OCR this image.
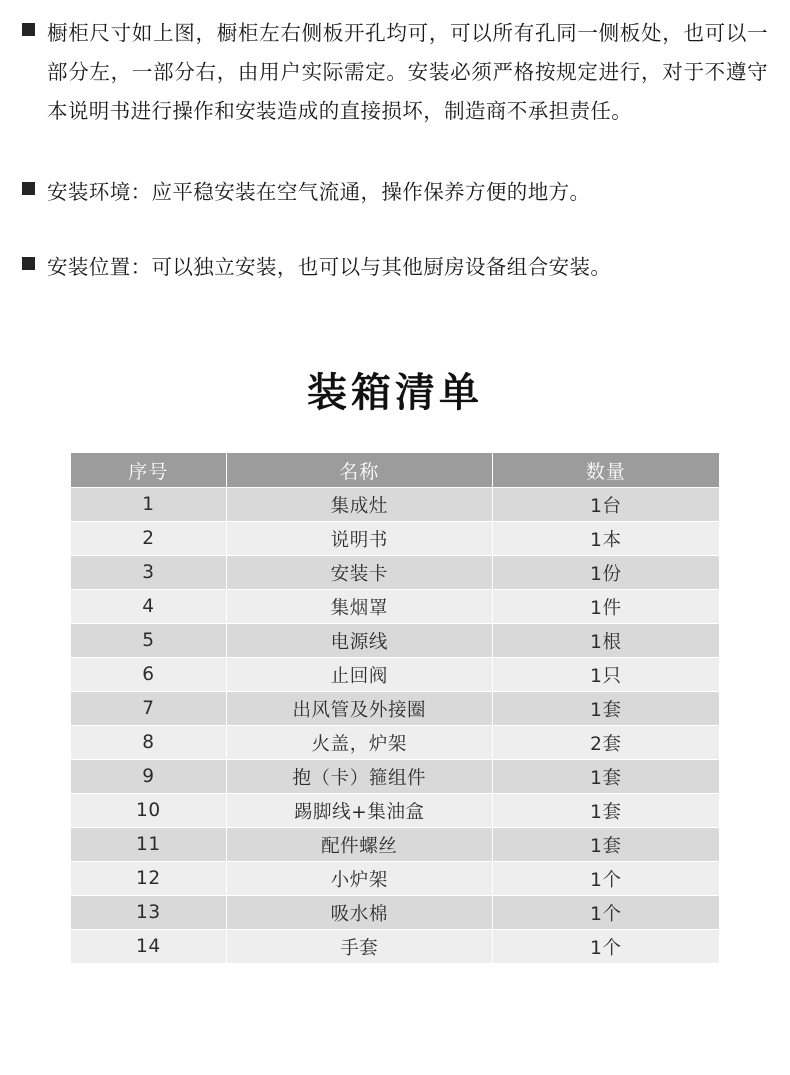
橱柜尺寸如上图，橱柜左右侧板开孔均可，可以所有孔同一侧板处，也可以一部分左，一部分右，由用户实际需定。安装必须严格按规定进行，对于不遵守本说明书进行操作和安装造成的直接损坏，制造商不承担责任。
安装环境：应平稳安装在空气流通，操作保养方便的地方。
安装位置：可以独立安装，也可以与其他厨房设备组合安装。
装箱清单
序号	名称	数量
1	集成灶	1台
2	说明书	1本
3	安装卡	1份
4	集烟罩	1件
5	电源线	1根
6	止回阀	1只
7	出风管及外接圈	1套
8	火盖，炉架	2套
9	抱（卡）箍组件	1套
10	踢脚线+集油盒	1套
11	配件螺丝	1套
12	小炉架	1个
13	吸水棉	1个
14	手套	1个
